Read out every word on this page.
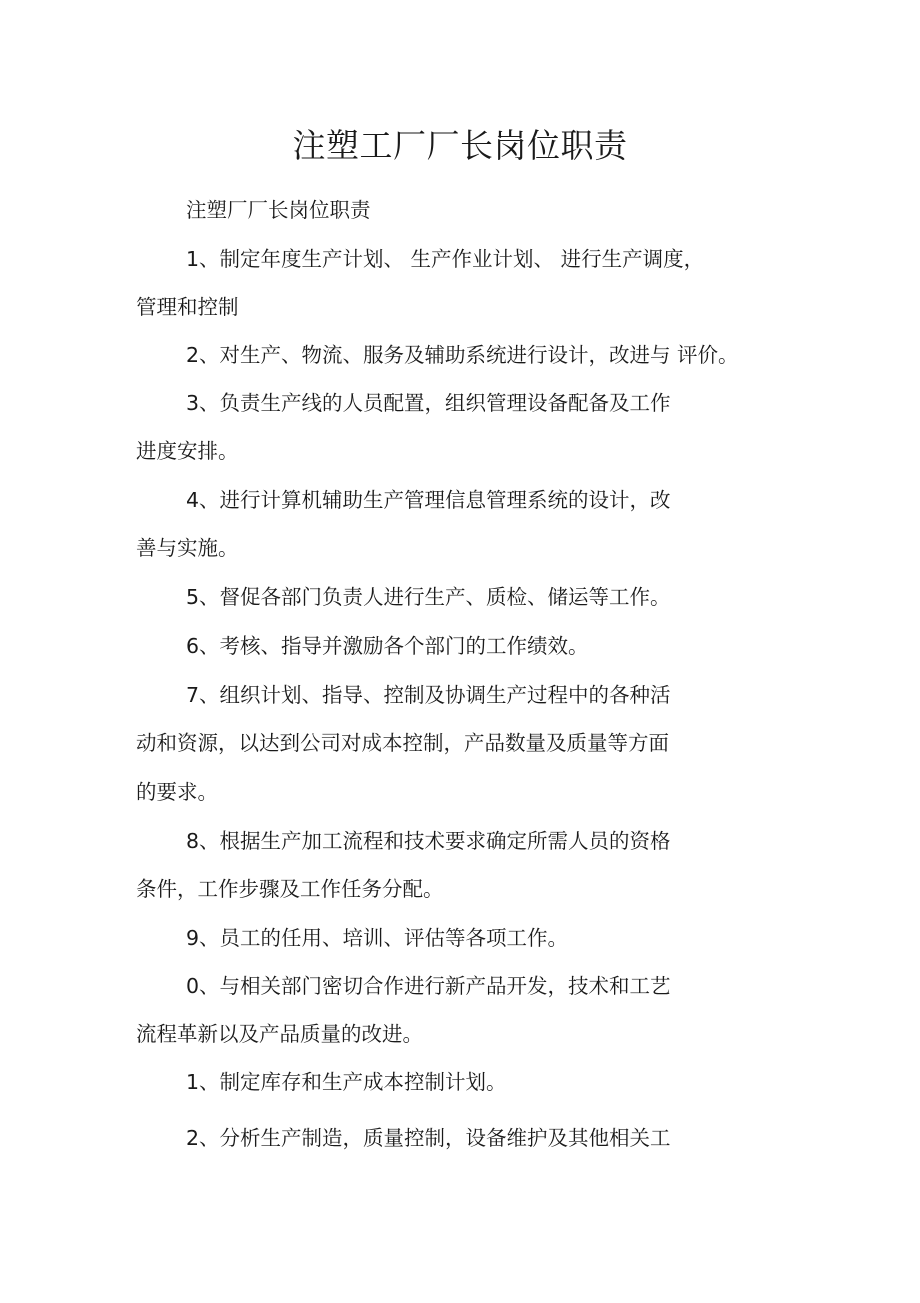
注塑工厂厂长岗位职责
注塑厂厂长岗位职责
1、制定年度生产计划、 生产作业计划、 进行生产调度，
管理和控制
2、对生产、物流、服务及辅助系统进行设计，改进与 评价。
3、负责生产线的人员配置，组织管理设备配备及工作
进度安排。
4、进行计算机辅助生产管理信息管理系统的设计，改
善与实施。
5、督促各部门负责人进行生产、质检、储运等工作。
6、考核、指导并激励各个部门的工作绩效。
7、组织计划、指导、控制及协调生产过程中的各种活
动和资源，以达到公司对成本控制，产品数量及质量等方面
的要求。
8、根据生产加工流程和技术要求确定所需人员的资格
条件，工作步骤及工作任务分配。
9、员工的任用、培训、评估等各项工作。
0、与相关部门密切合作进行新产品开发，技术和工艺
流程革新以及产品质量的改进。
1、制定库存和生产成本控制计划。
2、分析生产制造，质量控制，设备维护及其他相关工
